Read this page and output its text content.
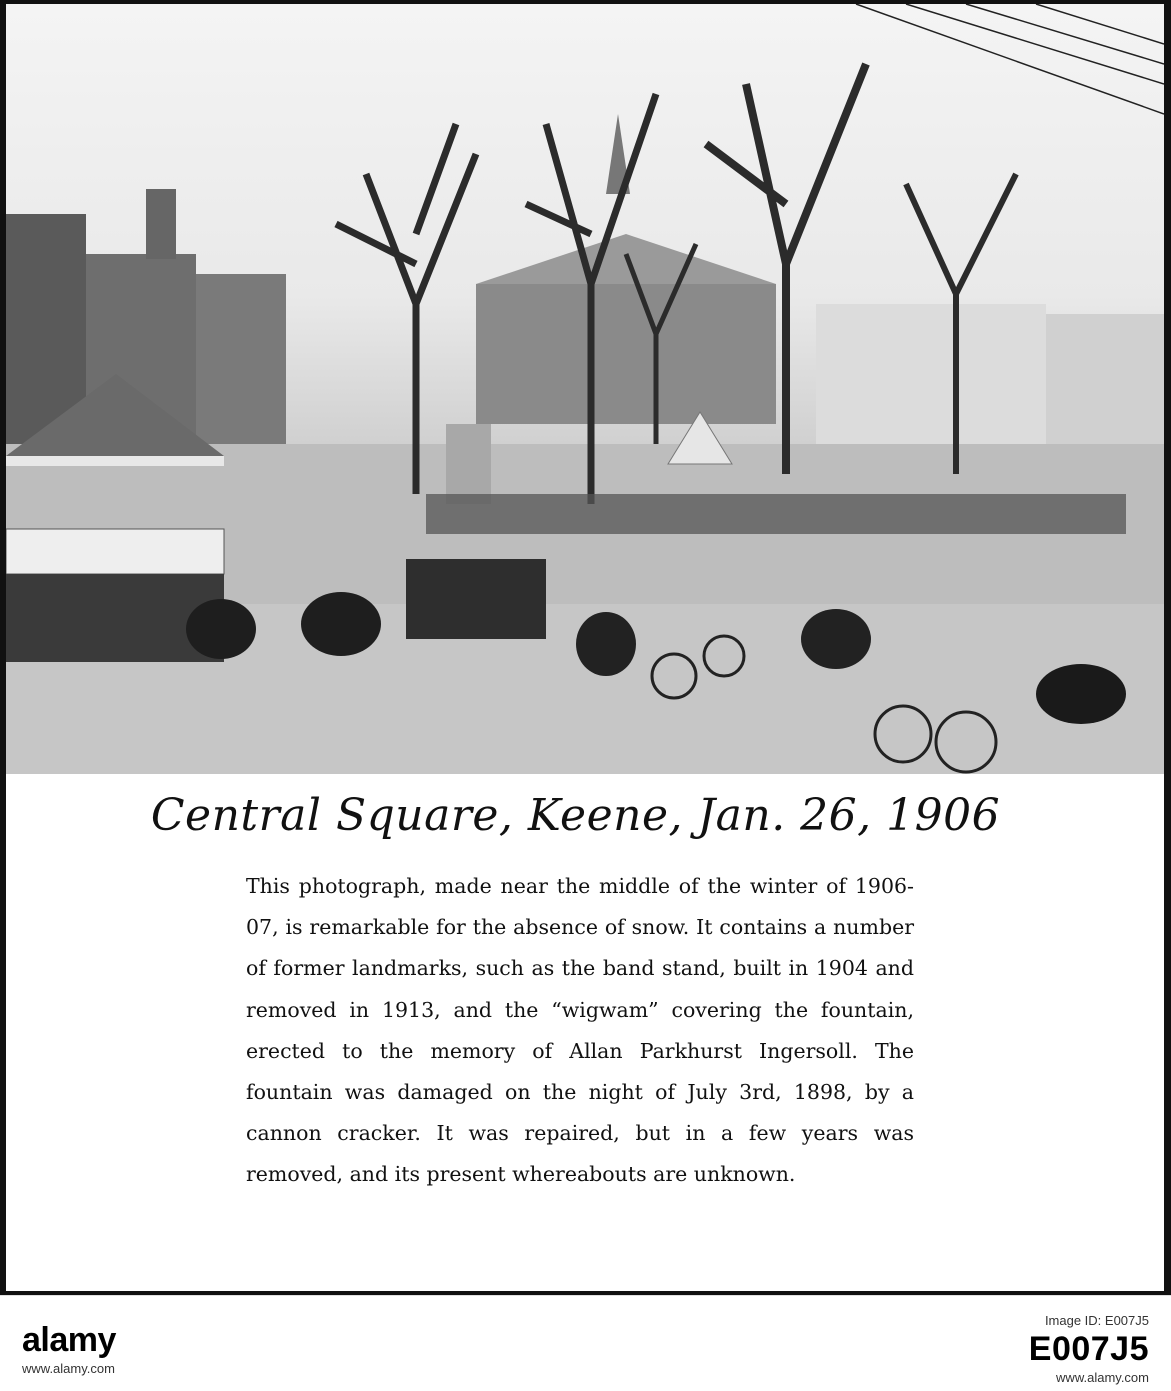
Central Square, Keene, Jan. 26, 1906
This photograph, made near the middle of the winter of 1906-07, is remarkable for the absence of snow. It contains a number of former landmarks, such as the band stand, built in 1904 and removed in 1913, and the “wigwam” covering the fountain, erected to the memory of Allan Parkhurst Ingersoll. The fountain was damaged on the night of July 3rd, 1898, by a cannon cracker. It was repaired, but in a few years was removed, and its present whereabouts are unknown.
alamy
www.alamy.com
Image ID: E007J5
E007J5
www.alamy.com
